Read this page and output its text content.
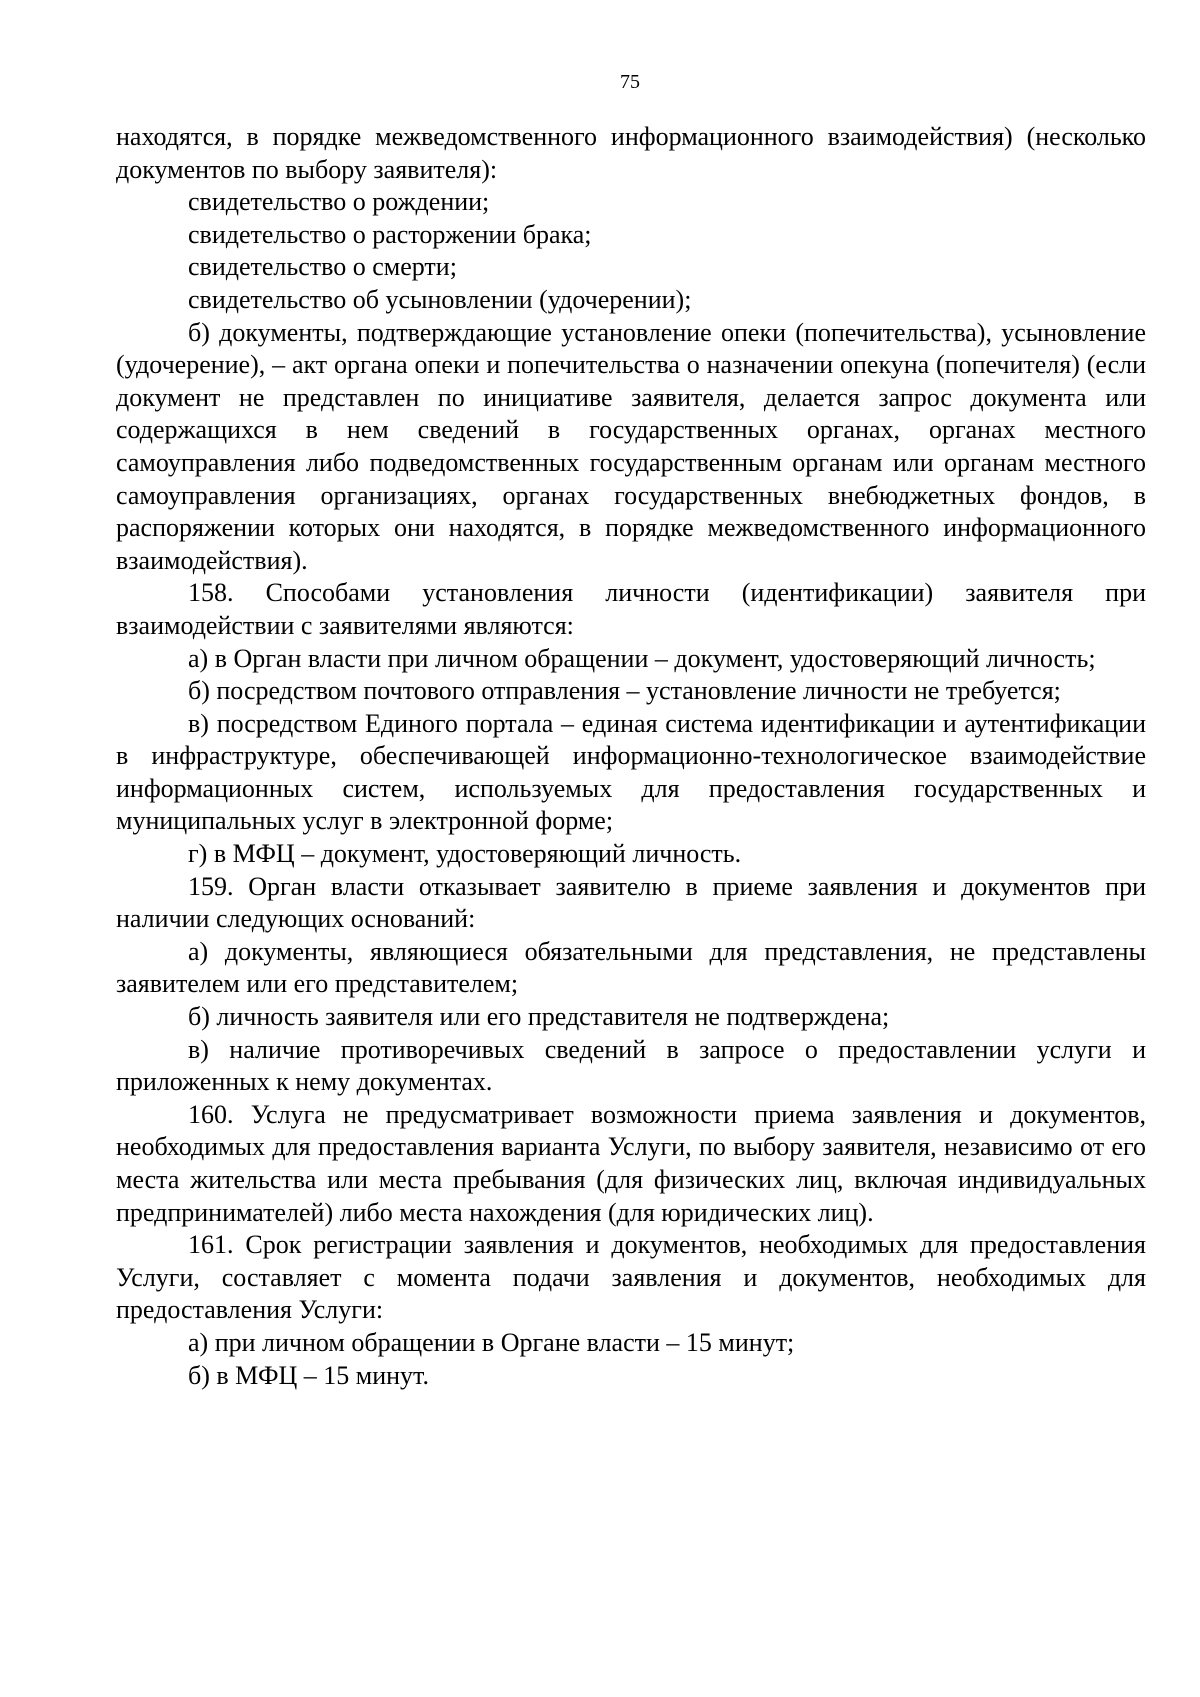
75

находятся, в порядке межведомственного информационного взаимодействия) (несколько документов по выбору заявителя):

свидетельство о рождении;

свидетельство о расторжении брака;

свидетельство о смерти;

свидетельство об усыновлении (удочерении);

б) документы, подтверждающие установление опеки (попечительства), усыновление (удочерение), – акт органа опеки и попечительства о назначении опекуна (попечителя) (если документ не представлен по инициативе заявителя, делается запрос документа или содержащихся в нем сведений в государственных органах, органах местного самоуправления либо подведомственных государственным органам или органам местного самоуправления организациях, органах государственных внебюджетных фондов, в распоряжении которых они находятся, в порядке межведомственного информационного взаимодействия).

158. Способами установления личности (идентификации) заявителя при взаимодействии с заявителями являются:

а) в Орган власти при личном обращении – документ, удостоверяющий личность;

б) посредством почтового отправления – установление личности не требуется;

в) посредством Единого портала – единая система идентификации и аутентификации в инфраструктуре, обеспечивающей информационно-технологическое взаимодействие информационных систем, используемых для предоставления государственных и муниципальных услуг в электронной форме;

г) в МФЦ – документ, удостоверяющий личность.

159. Орган власти отказывает заявителю в приеме заявления и документов при наличии следующих оснований:

а) документы, являющиеся обязательными для представления, не представлены заявителем или его представителем;

б) личность заявителя или его представителя не подтверждена;

в) наличие противоречивых сведений в запросе о предоставлении услуги и приложенных к нему документах.

160. Услуга не предусматривает возможности приема заявления и документов, необходимых для предоставления варианта Услуги, по выбору заявителя, независимо от его места жительства или места пребывания (для физических лиц, включая индивидуальных предпринимателей) либо места нахождения (для юридических лиц).

161. Срок регистрации заявления и документов, необходимых для предоставления Услуги, составляет с момента подачи заявления и документов, необходимых для предоставления Услуги:

а) при личном обращении в Органе власти – 15 минут;

б) в МФЦ – 15 минут.
